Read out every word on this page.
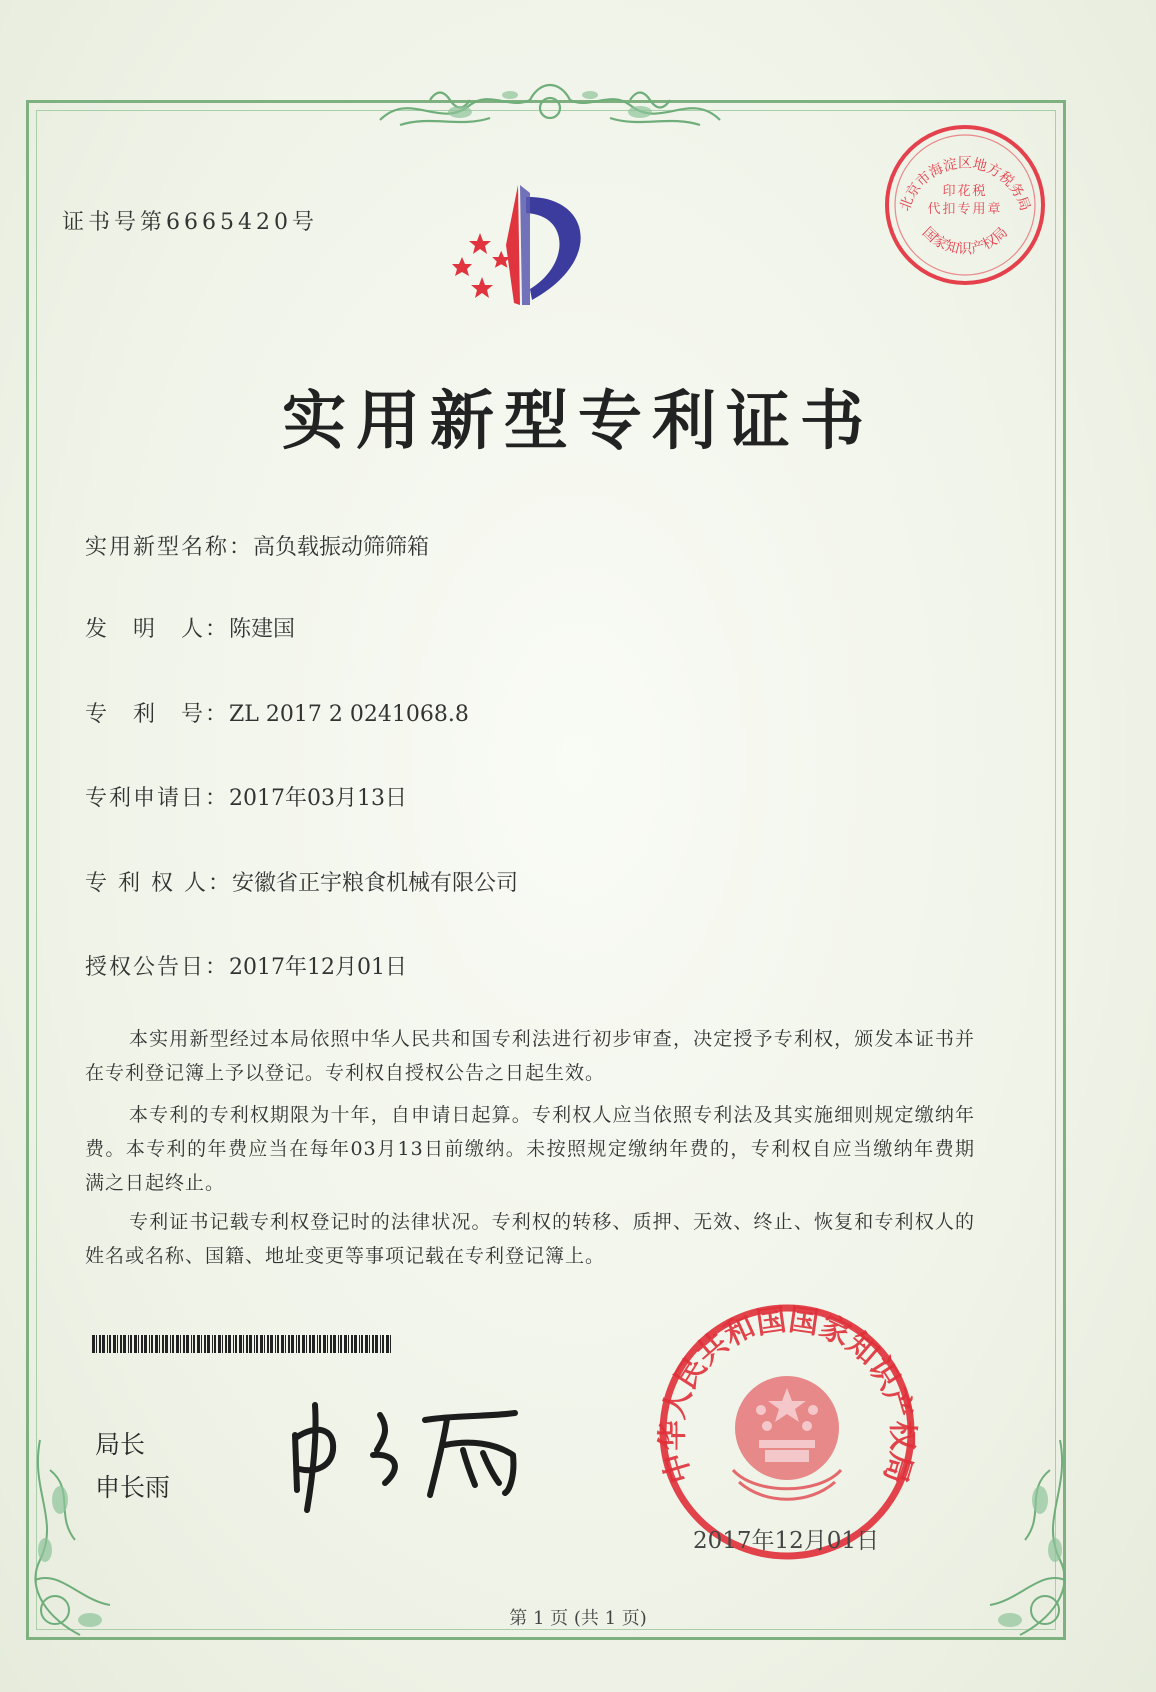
证书号第6665420号
北京市海淀区地方税务局
国家知识产权局
印花税
代扣专用章
实用新型专利证书
实用新型名称：高负载振动筛筛箱
发　明　人：陈建国
专　利　号：ZL 2017 2 0241068.8
专利申请日：2017年03月13日
专 利 权 人：安徽省正宇粮食机械有限公司
授权公告日：2017年12月01日
本实用新型经过本局依照中华人民共和国专利法进行初步审查，决定授予专利权，颁发本证书并在专利登记簿上予以登记。专利权自授权公告之日起生效。
本专利的专利权期限为十年，自申请日起算。专利权人应当依照专利法及其实施细则规定缴纳年费。本专利的年费应当在每年03月13日前缴纳。未按照规定缴纳年费的，专利权自应当缴纳年费期满之日起终止。
专利证书记载专利权登记时的法律状况。专利权的转移、质押、无效、终止、恢复和专利权人的姓名或名称、国籍、地址变更等事项记载在专利登记簿上。
局长
申长雨
中华人民共和国国家知识产权局
2017年12月01日
第 1 页 (共 1 页)
